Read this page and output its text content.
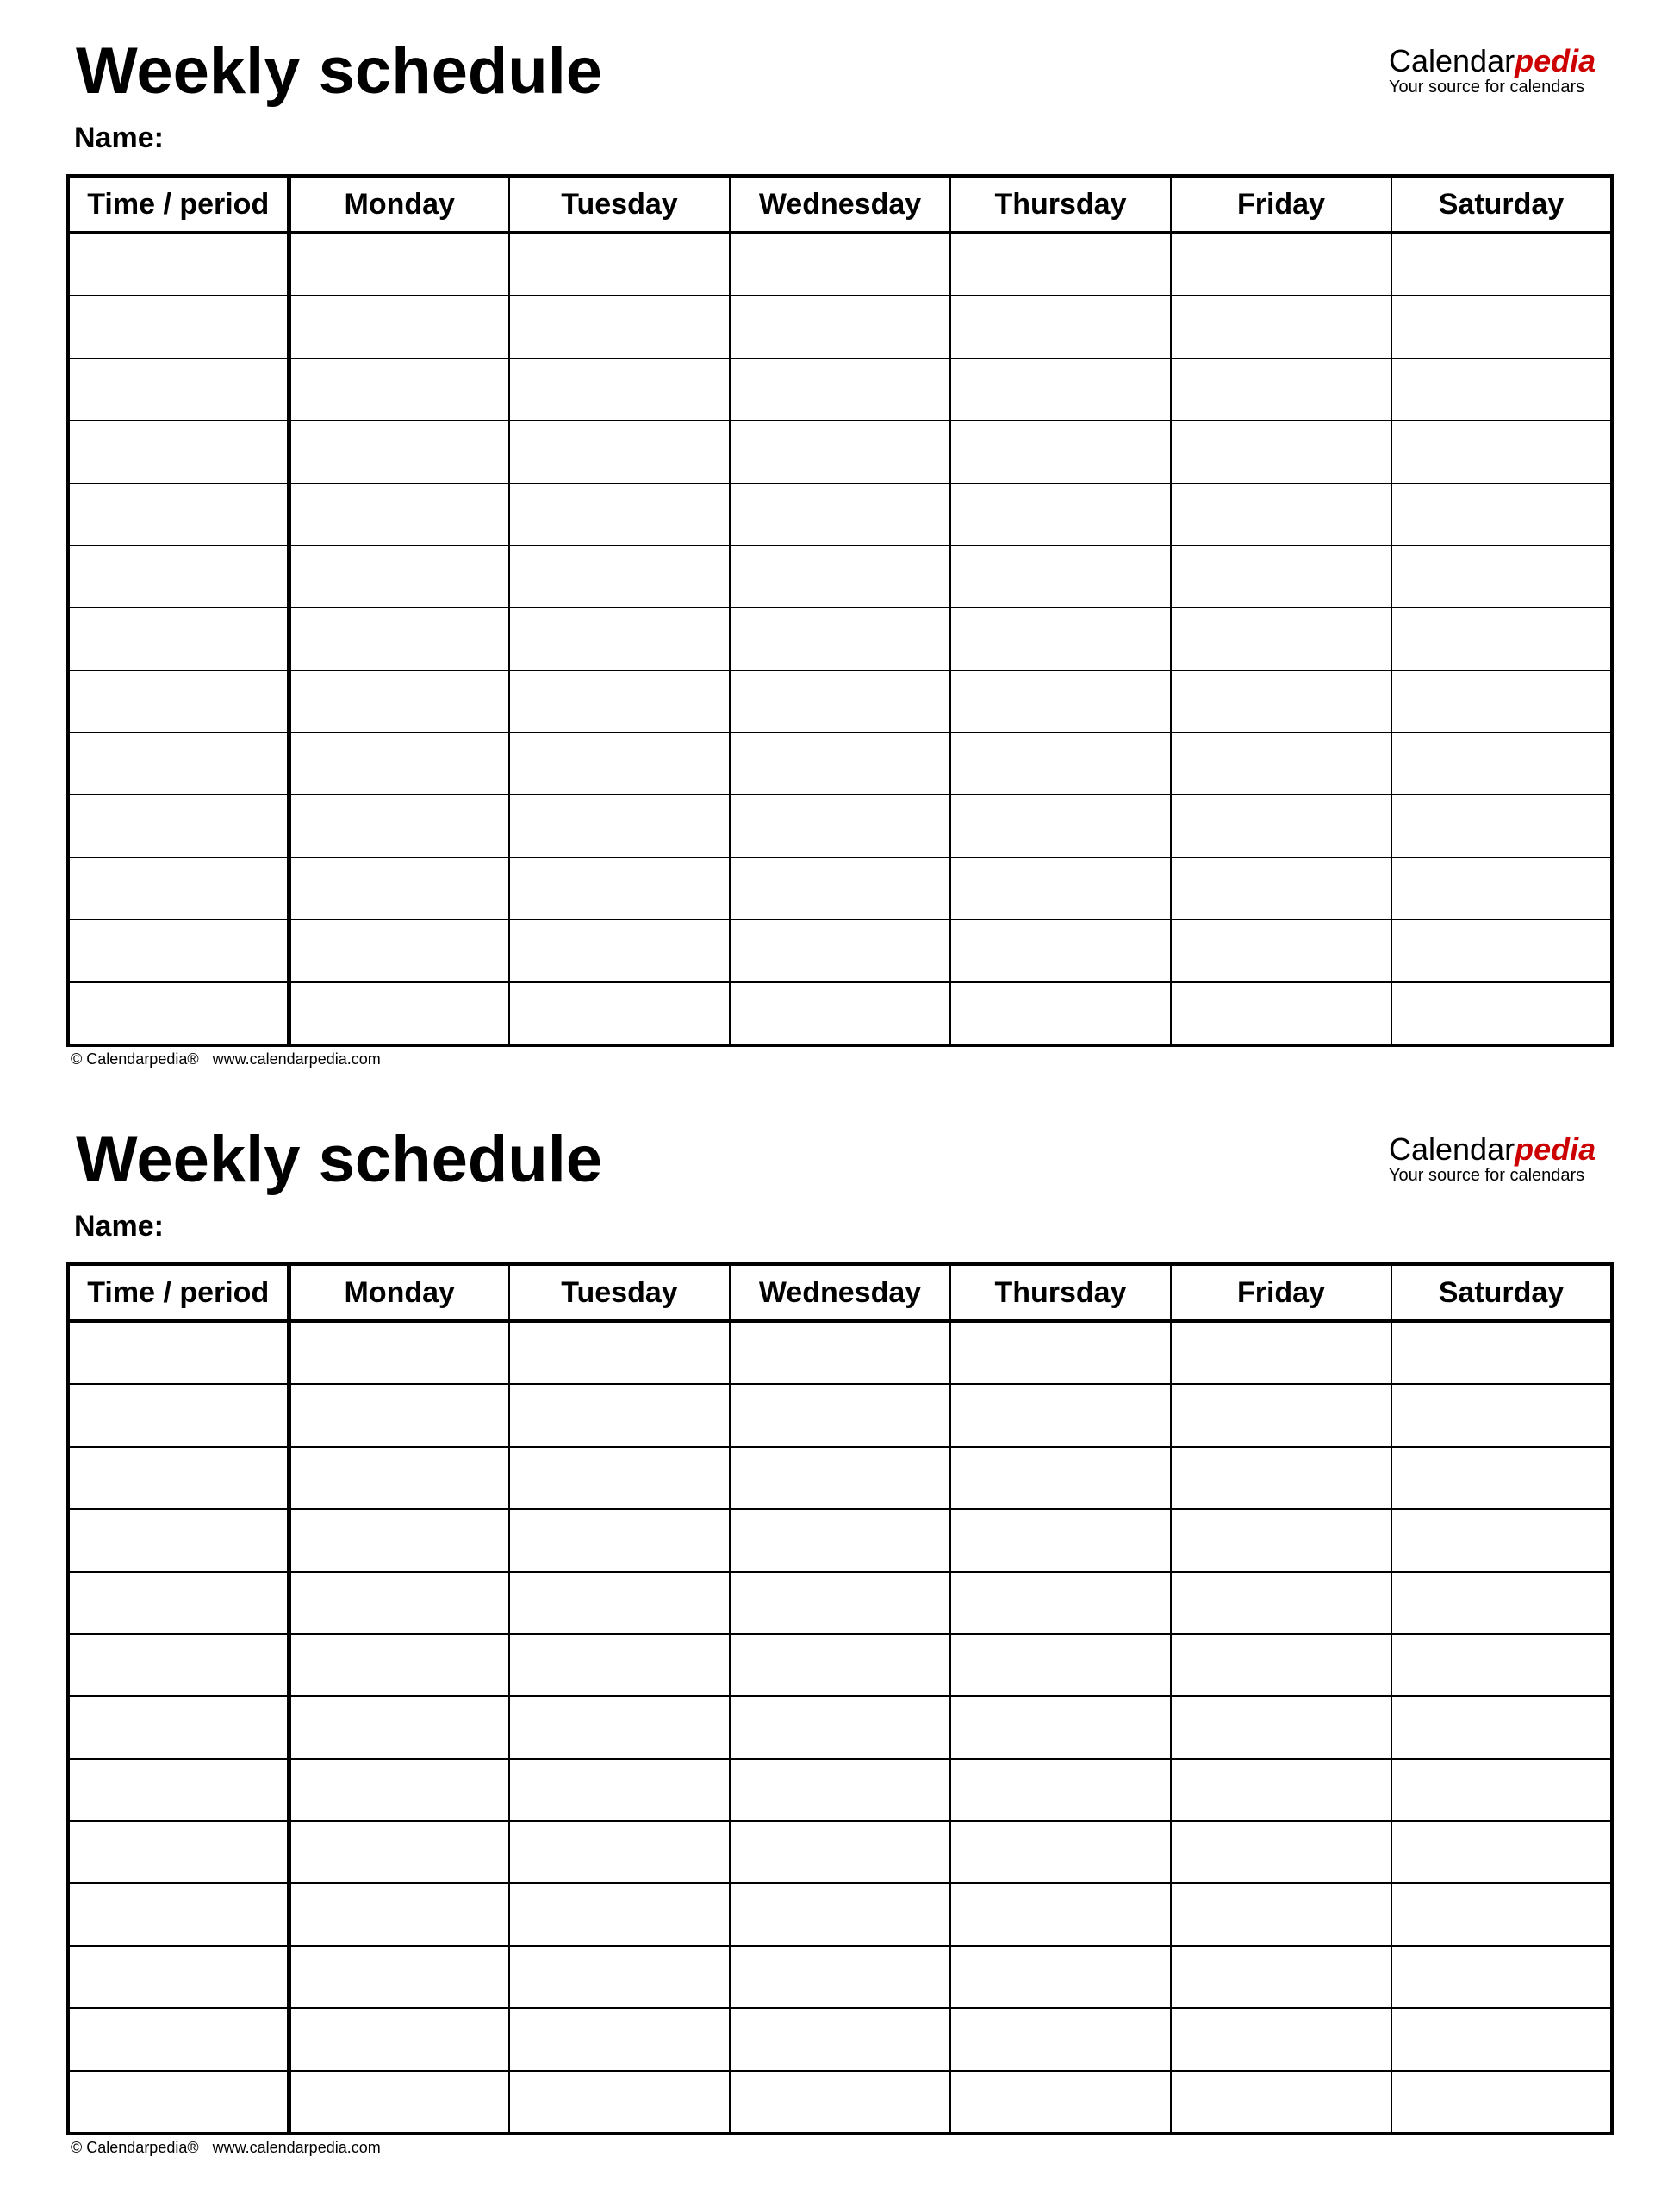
Weekly schedule
Name:
Calendarpedia
Your source for calendars
Time / period	Monday	Tuesday	Wednesday	Thursday	Friday	Saturday

© Calendarpedia® www.calendarpedia.com
Weekly schedule
Name:
Calendarpedia
Your source for calendars
Time / period	Monday	Tuesday	Wednesday	Thursday	Friday	Saturday

© Calendarpedia® www.calendarpedia.com
